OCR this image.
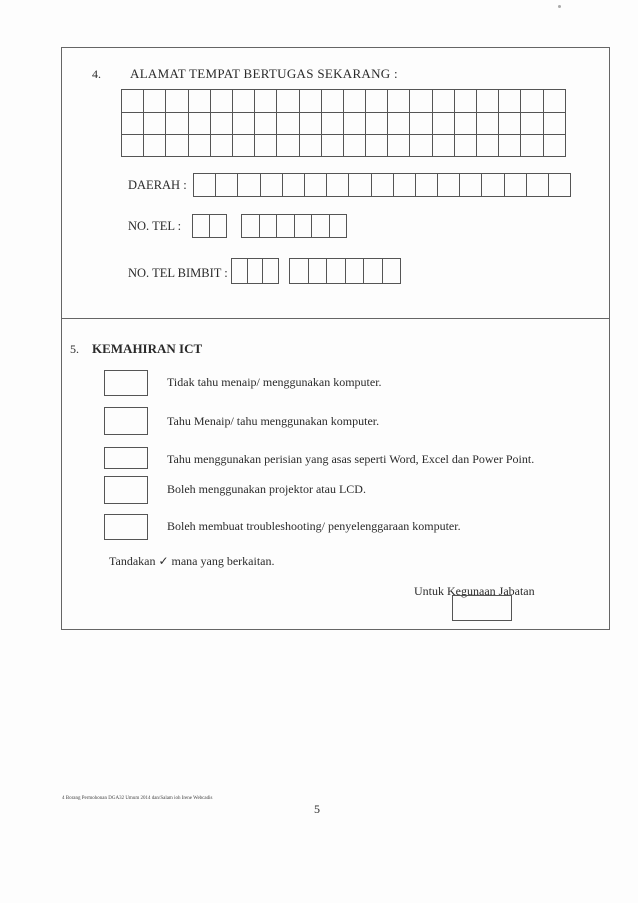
4. ALAMAT TEMPAT BERTUGAS SEKARANG :
DAERAH :
NO. TEL :
NO. TEL BIMBIT :
5. KEMAHIRAN ICT
Tidak tahu menaip/ menggunakan komputer.
Tahu Menaip/ tahu menggunakan komputer.
Tahu menggunakan perisian yang asas seperti Word, Excel dan Power Point.
Boleh menggunakan projektor atau LCD.
Boleh membuat troubleshooting/ penyelenggaraan komputer.
Tandakan ✓ mana yang berkaitan.
Untuk Kegunaan Jabatan
4 Borang Permohonan DGA32 Umum 2014 dan/Salam ioh Irene Webcadis
5
